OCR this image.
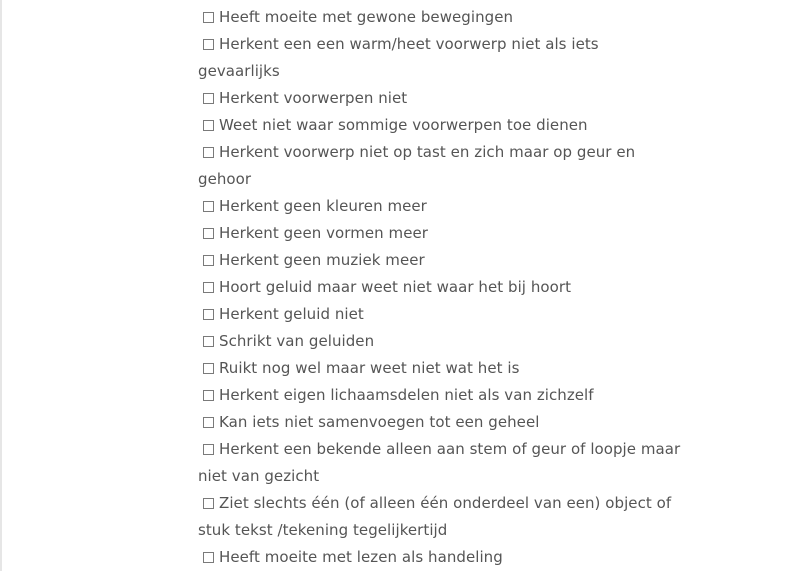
Heeft moeite met gewone bewegingen
Herkent een een warm/heet voorwerp niet als iets
gevaarlijks
Herkent voorwerpen niet
Weet niet waar sommige voorwerpen toe dienen
Herkent voorwerp niet op tast en zich maar op geur en
gehoor
Herkent geen kleuren meer
Herkent geen vormen meer
Herkent geen muziek meer
Hoort geluid maar weet niet waar het bij hoort
Herkent geluid niet
Schrikt van geluiden
Ruikt nog wel maar weet niet wat het is
Herkent eigen lichaamsdelen niet als van zichzelf
Kan iets niet samenvoegen tot een geheel
Herkent een bekende alleen aan stem of geur of loopje maar
niet van gezicht
Ziet slechts één (of alleen één onderdeel van een) object of
stuk tekst /tekening tegelijkertijd
Heeft moeite met lezen als handeling
